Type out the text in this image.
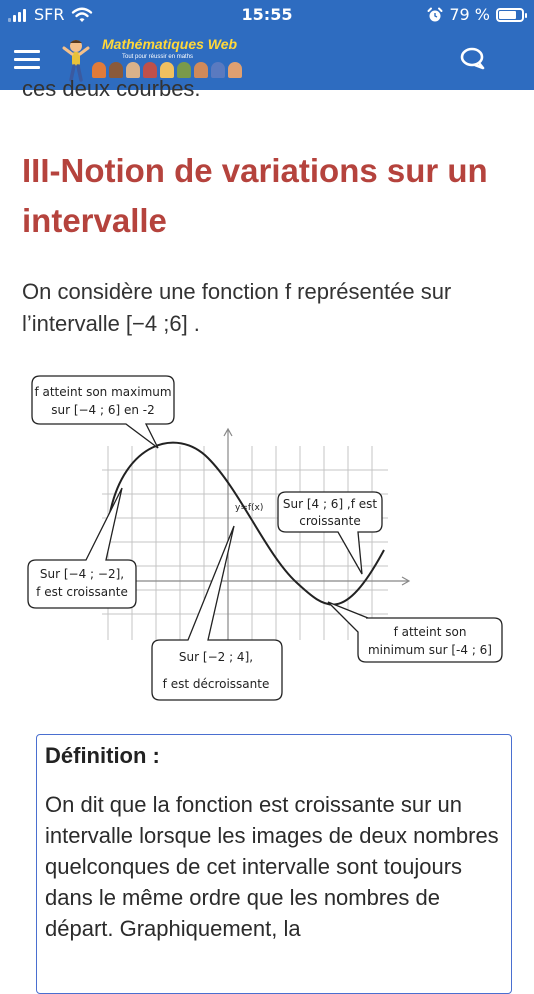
SFR	15:55	79 %
Mathématiques Web
Tout pour réussir en maths
ces deux courbes.
III-Notion de variations sur un intervalle

On considère une fonction f représentée sur l’intervalle [−4 ;6] .

y=f(x)
f atteint son maximum
sur [−4 ; 6] en -2
Sur [−4 ; −2],
f est croissante
Sur [−2 ; 4],
f est décroissante
Sur [4 ; 6] ,f est
croissante
f atteint son
minimum sur [-4 ; 6]
Définition :
On dit que la fonction est croissante sur un intervalle lorsque les images de deux nombres quelconques de cet intervalle sont toujours dans le même ordre que les nombres de départ. Graphiquement, la
